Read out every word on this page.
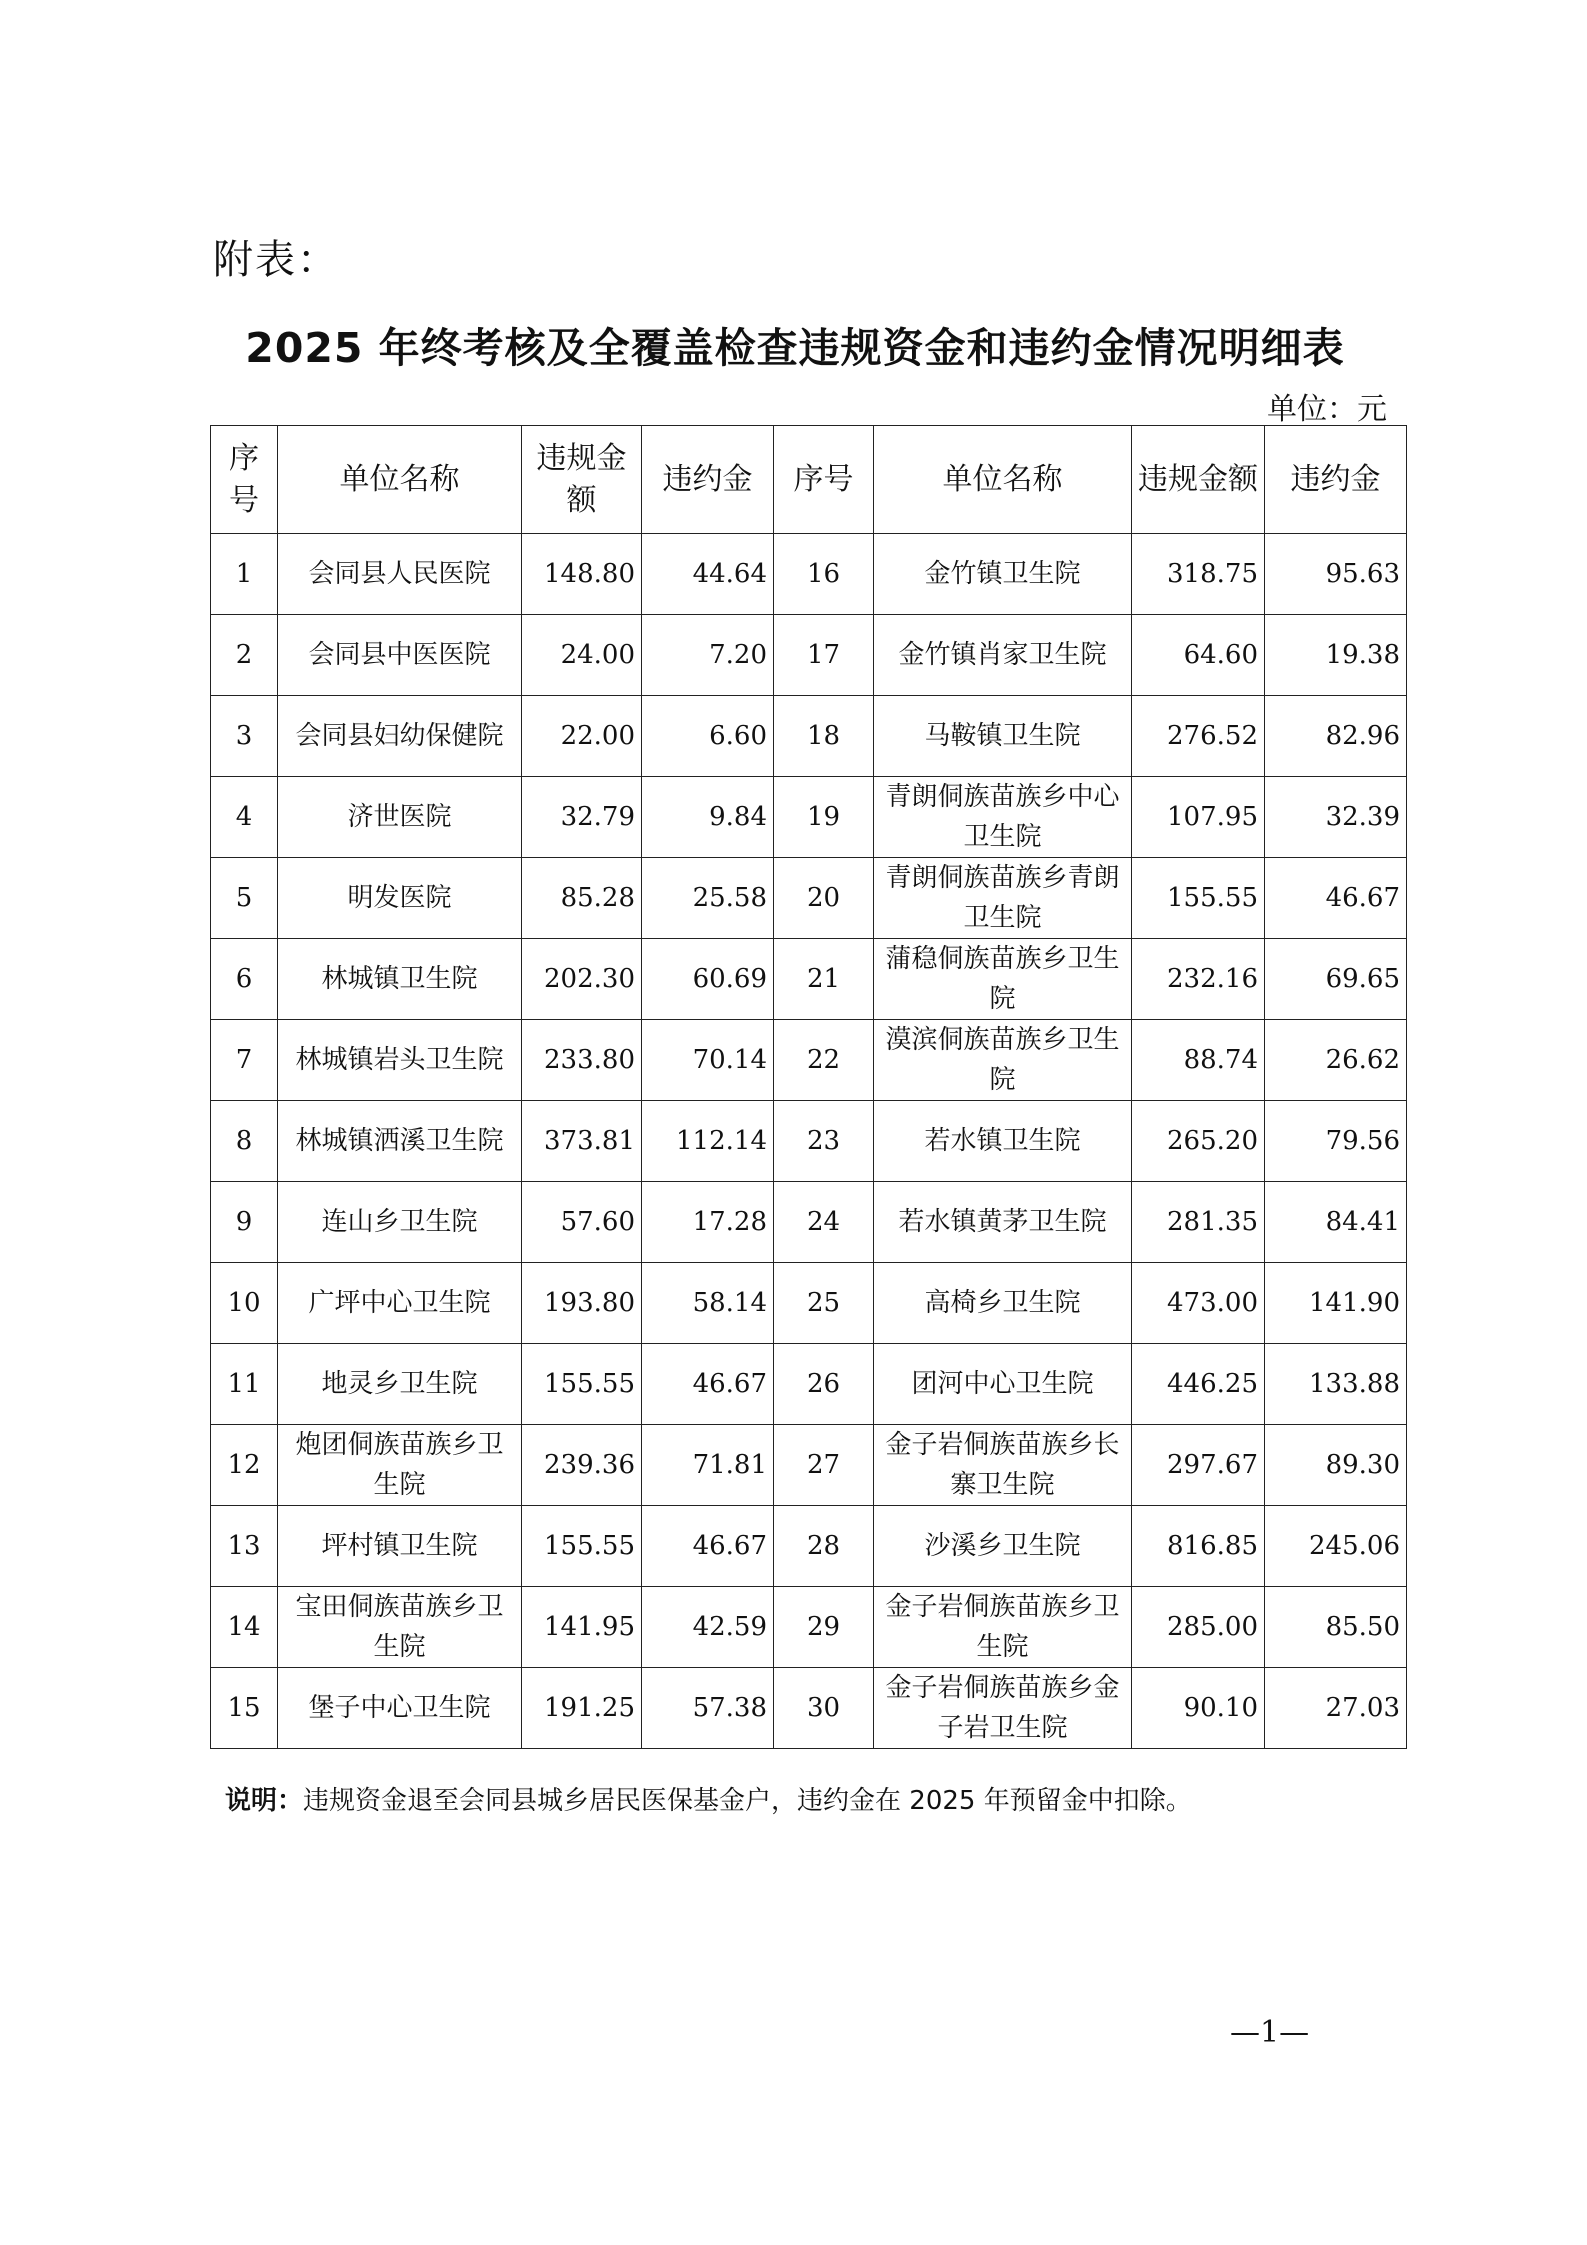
附表：
2025 年终考核及全覆盖检查违规资金和违约金情况明细表
单位：元
序号	单位名称	违规金额	违约金	序号	单位名称	违规金额	违约金
1	会同县人民医院	148.80	44.64	16	金竹镇卫生院	318.75	95.63
2	会同县中医医院	24.00	7.20	17	金竹镇肖家卫生院	64.60	19.38
3	会同县妇幼保健院	22.00	6.60	18	马鞍镇卫生院	276.52	82.96
4	济世医院	32.79	9.84	19	青朗侗族苗族乡中心卫生院	107.95	32.39
5	明发医院	85.28	25.58	20	青朗侗族苗族乡青朗卫生院	155.55	46.67
6	林城镇卫生院	202.30	60.69	21	蒲稳侗族苗族乡卫生院	232.16	69.65
7	林城镇岩头卫生院	233.80	70.14	22	漠滨侗族苗族乡卫生院	88.74	26.62
8	林城镇洒溪卫生院	373.81	112.14	23	若水镇卫生院	265.20	79.56
9	连山乡卫生院	57.60	17.28	24	若水镇黄茅卫生院	281.35	84.41
10	广坪中心卫生院	193.80	58.14	25	高椅乡卫生院	473.00	141.90
11	地灵乡卫生院	155.55	46.67	26	团河中心卫生院	446.25	133.88
12	炮团侗族苗族乡卫生院	239.36	71.81	27	金子岩侗族苗族乡长寨卫生院	297.67	89.30
13	坪村镇卫生院	155.55	46.67	28	沙溪乡卫生院	816.85	245.06
14	宝田侗族苗族乡卫生院	141.95	42.59	29	金子岩侗族苗族乡卫生院	285.00	85.50
15	堡子中心卫生院	191.25	57.38	30	金子岩侗族苗族乡金子岩卫生院	90.10	27.03
说明：违规资金退至会同县城乡居民医保基金户，违约金在 2025 年预留金中扣除。
—1—
